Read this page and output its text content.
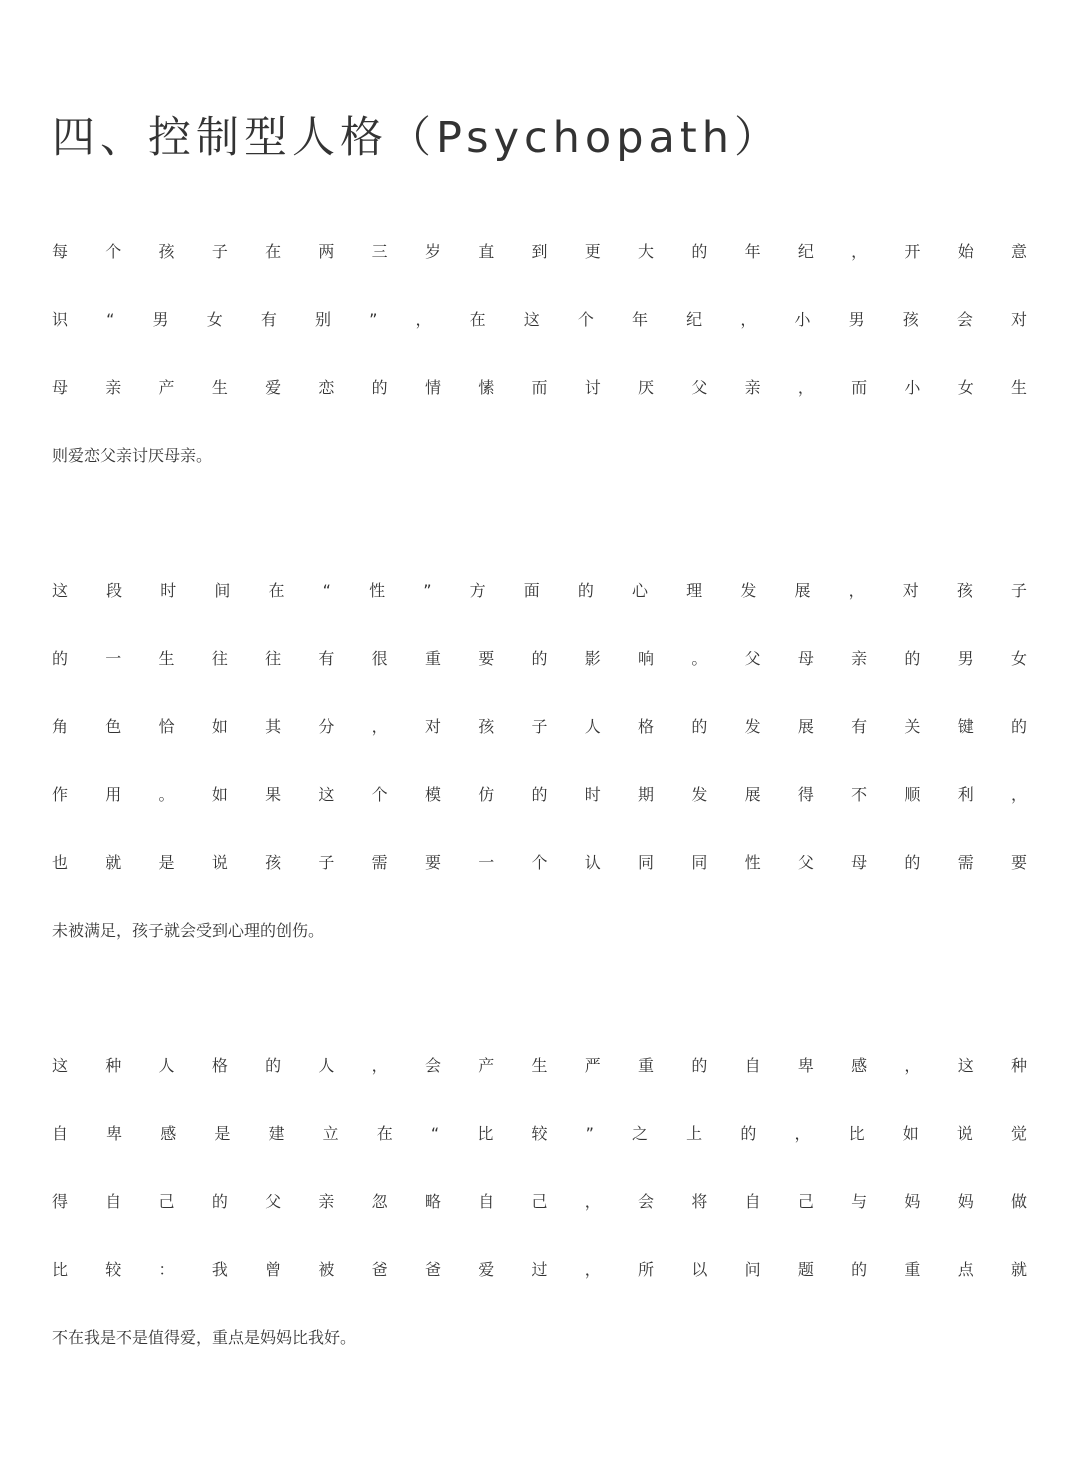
四、控制型人格（Psychopath）
每个孩子在两三岁直到更大的年纪，开始意
识“男女有别”，在这个年纪，小男孩会对
母亲产生爱恋的情愫而讨厌父亲，而小女生
则爱恋父亲讨厌母亲。
这段时间在“性”方面的心理发展，对孩子
的一生往往有很重要的影响。父母亲的男女
角色恰如其分，对孩子人格的发展有关键的
作用。如果这个模仿的时期发展得不顺利，
也就是说孩子需要一个认同同性父母的需要
未被满足，孩子就会受到心理的创伤。
这种人格的人，会产生严重的自卑感，这种
自卑感是建立在“比较”之上的，比如说觉
得自己的父亲忽略自己，会将自己与妈妈做
比较：我曾被爸爸爱过，所以问题的重点就
不在我是不是值得爱，重点是妈妈比我好。
